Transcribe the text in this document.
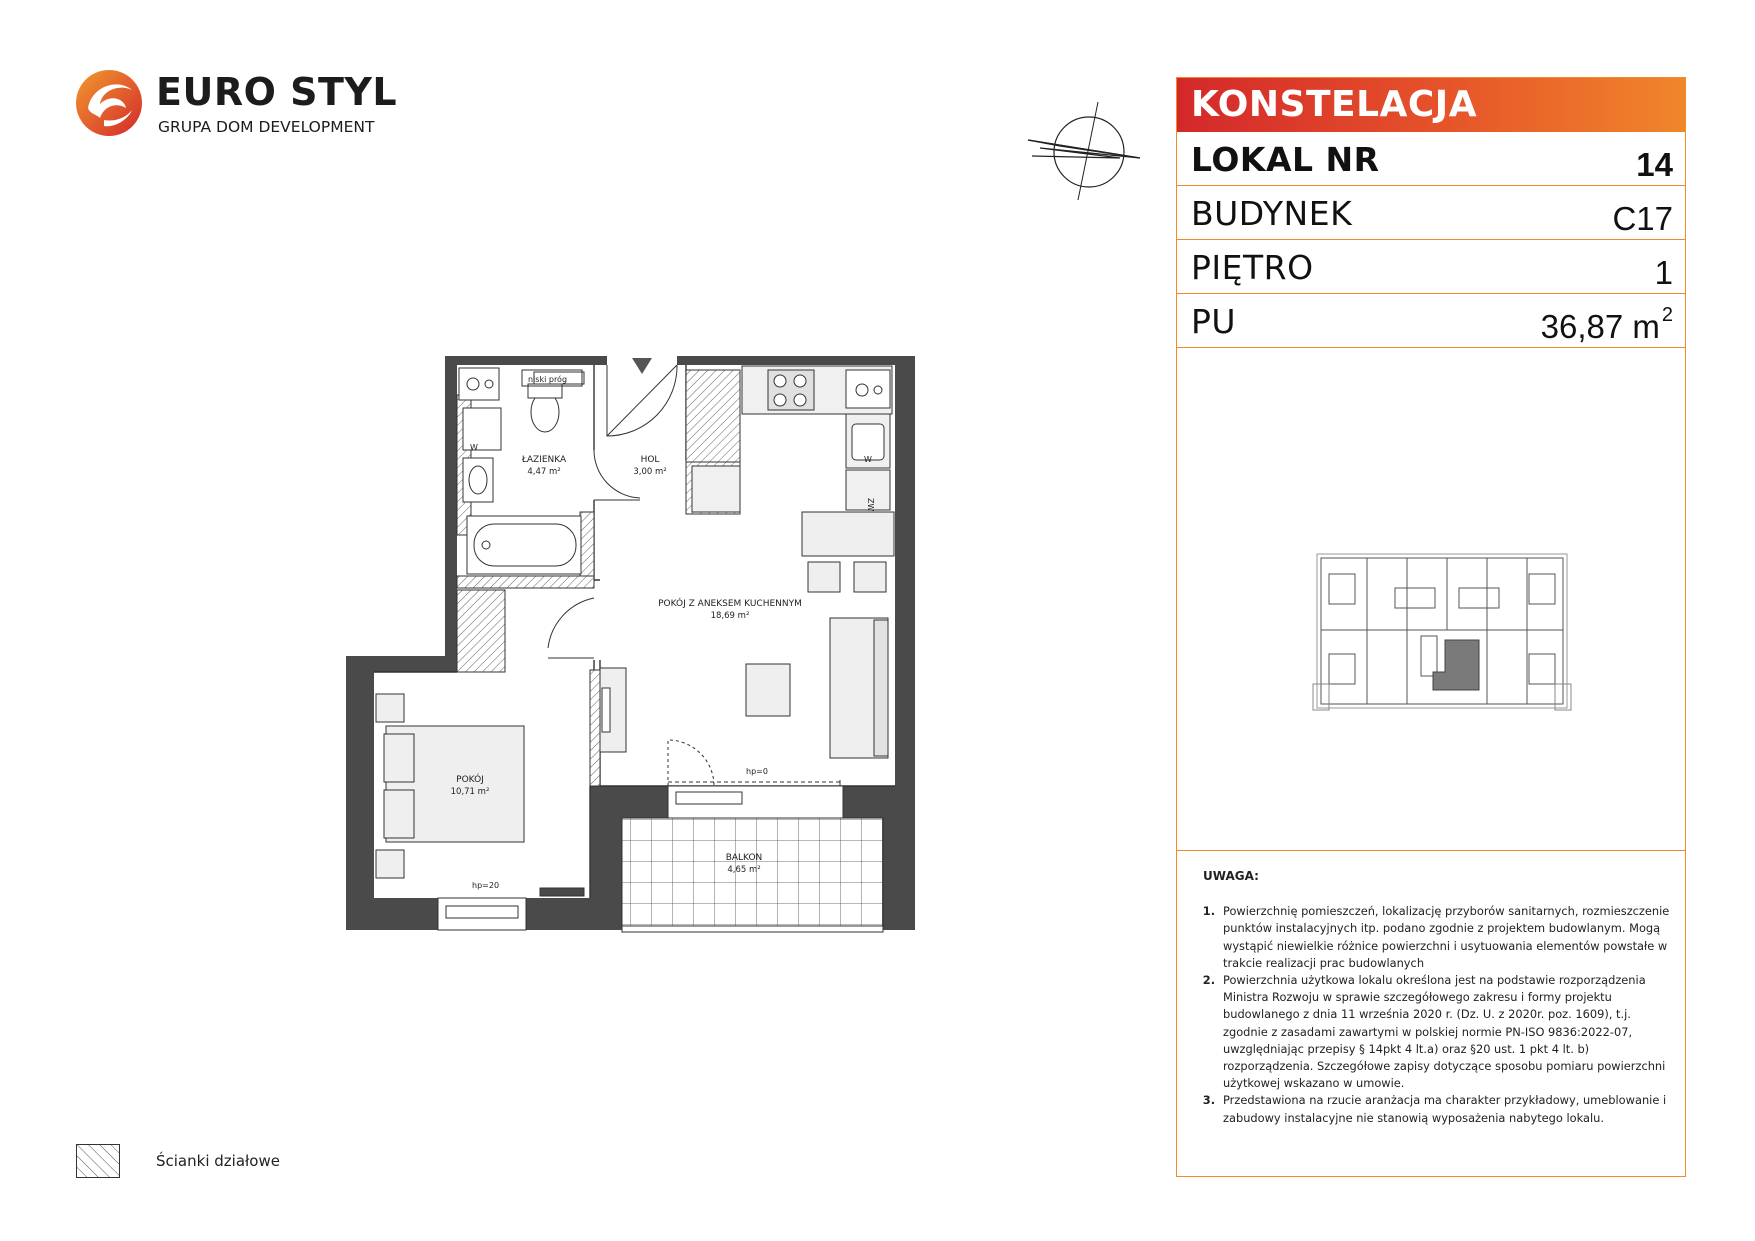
EURO STYL
GRUPA DOM DEVELOPMENT
ŁAZIENKA
4,47 m²
HOL
3,00 m²
POKÓJ Z ANEKSEM KUCHENNYM
18,69 m²
POKÓJ
10,71 m²
BALKON
4,65 m²
niski próg
hp=0
hp=20
ZW
W
W
KONSTELACJA
LOKAL NR	14
BUDYNEK	C17
PIĘTRO	1
PU	36,87 m $^2$
UWAGA:
1. Powierzchnię pomieszczeń, lokalizację przyborów sanitarnych, rozmieszczenie punktów instalacyjnych itp. podano zgodnie z projektem budowlanym. Mogą wystąpić niewielkie różnice powierzchni i usytuowania elementów powstałe w trakcie realizacji prac budowlanych
2. Powierzchnia użytkowa lokalu określona jest na podstawie rozporządzenia Ministra Rozwoju w sprawie szczegółowego zakresu i formy projektu budowlanego z dnia 11 września 2020 r. (Dz. U. z 2020r. poz. 1609), t.j. zgodnie z zasadami zawartymi w polskiej normie PN-ISO 9836:2022-07, uwzględniając przepisy § 14pkt 4 lt.a) oraz §20 ust. 1 pkt 4 lt. b) rozporządzenia. Szczegółowe zapisy dotyczące sposobu pomiaru powierzchni użytkowej wskazano w umowie.
3. Przedstawiona na rzucie aranżacja ma charakter przykładowy, umeblowanie i zabudowy instalacyjne nie stanowią wyposażenia nabytego lokalu.
Ścianki działowe
